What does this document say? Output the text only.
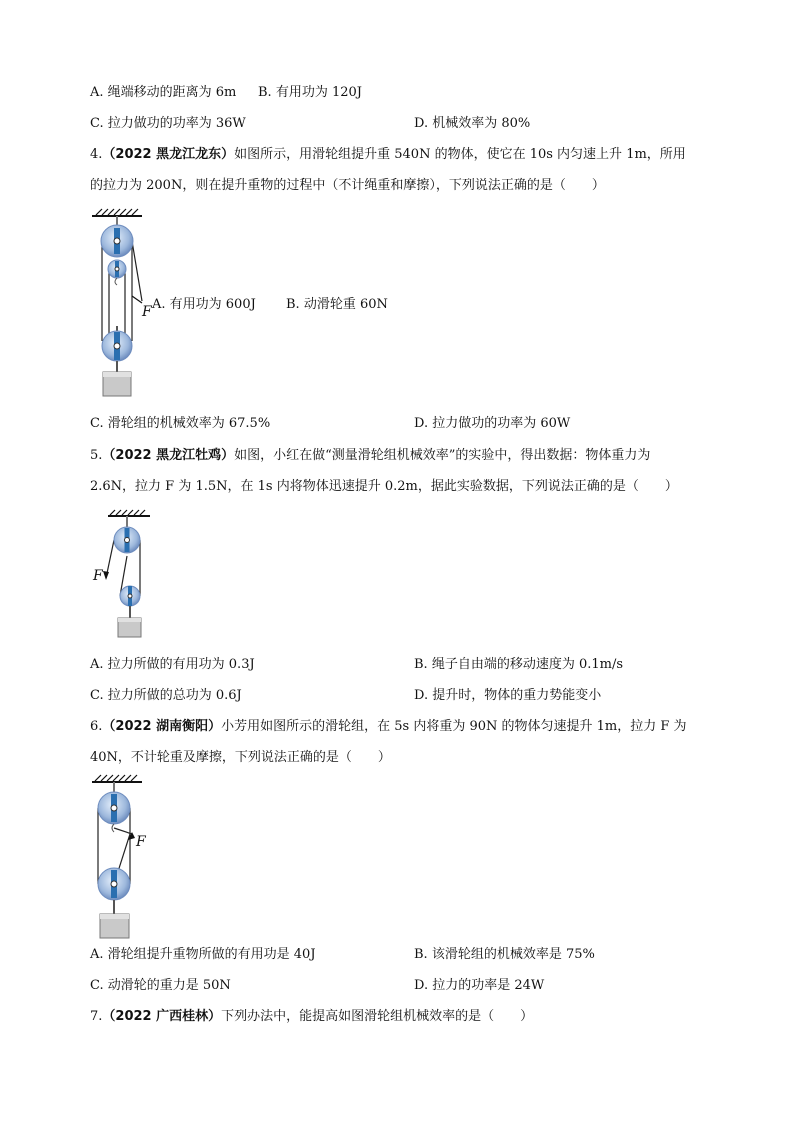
A. 绳端移动的距离为 6m B. 有用功为 120J
C. 拉力做功的功率为 36W	D. 机械效率为 80%
4.（2022 黑龙江龙东）如图所示，用滑轮组提升重 540N 的物体，使它在 10s 内匀速上升 1m，所用
的拉力为 200N，则在提升重物的过程中（不计绳重和摩擦），下列说法正确的是（　　）
F A. 有用功为 600J B. 动滑轮重 60N
C. 滑轮组的机械效率为 67.5%	D. 拉力做功的功率为 60W
5.（2022 黑龙江牡鸡）如图，小红在做“测量滑轮组机械效率”的实验中，得出数据：物体重力为
2.6N，拉力 F 为 1.5N，在 1s 内将物体迅速提升 0.2m，据此实验数据，下列说法正确的是（　　）
F
A. 拉力所做的有用功为 0.3J	B. 绳子自由端的移动速度为 0.1m/s
C. 拉力所做的总功为 0.6J	D. 提升时，物体的重力势能变小
6.（2022 湖南衡阳）小芳用如图所示的滑轮组，在 5s 内将重为 90N 的物体匀速提升 1m，拉力 F 为
40N，不计轮重及摩擦，下列说法正确的是（　　）
F
A. 滑轮组提升重物所做的有用功是 40J	B. 该滑轮组的机械效率是 75%
C. 动滑轮的重力是 50N	D. 拉力的功率是 24W
7.（2022 广西桂林）下列办法中，能提高如图滑轮组机械效率的是（　　）
